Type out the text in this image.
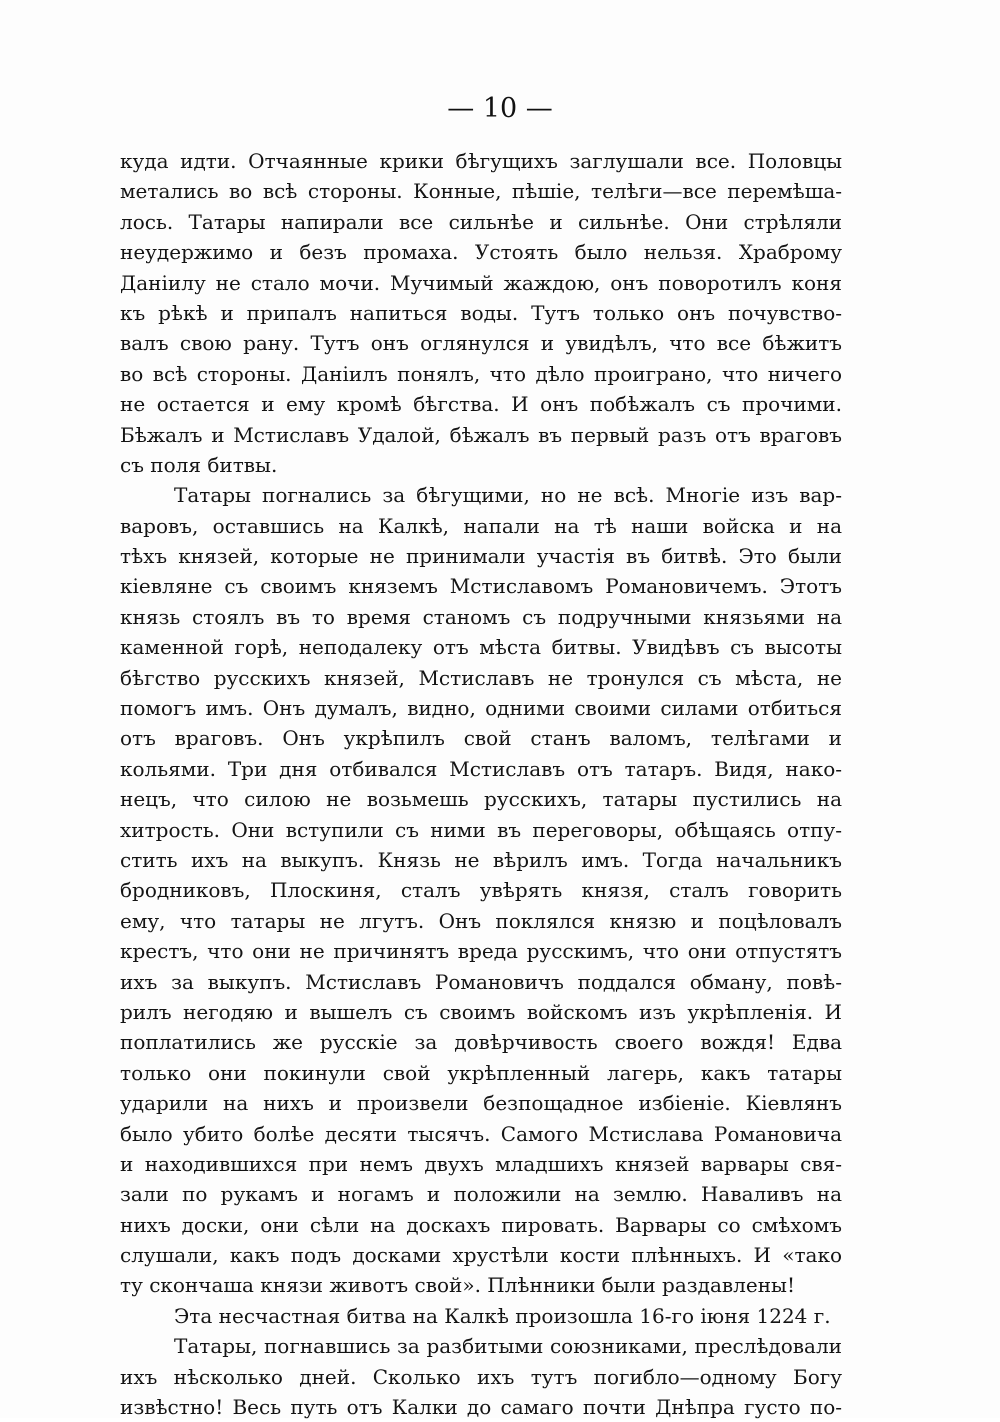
— 10 —
куда идти. Отчаянные крики бѣгущихъ заглушали все. Половцы
метались во всѣ стороны. Конные, пѣшіе, телѣги—все перемѣша-
лось. Татары напирали все сильнѣе и сильнѣе. Они стрѣляли
неудержимо и безъ промаха. Устоять было нельзя. Храброму
Даніилу не стало мочи. Мучимый жаждою, онъ поворотилъ коня
къ рѣкѣ и припалъ напиться воды. Тутъ только онъ почувство-
валъ свою рану. Тутъ онъ оглянулся и увидѣлъ, что все бѣжитъ
во всѣ стороны. Даніилъ понялъ, что дѣло проиграно, что ничего
не остается и ему кромѣ бѣгства. И онъ побѣжалъ съ прочими.
Бѣжалъ и Мстиславъ Удалой, бѣжалъ въ первый разъ отъ враговъ
съ поля битвы.
Татары погнались за бѣгущими, но не всѣ. Многіе изъ вар-
варовъ, оставшись на Калкѣ, напали на тѣ наши войска и на
тѣхъ князей, которые не принимали участія въ битвѣ. Это были
кіевляне съ своимъ княземъ Мстиславомъ Романовичемъ. Этотъ
князь стоялъ въ то время станомъ съ подручными князьями на
каменной горѣ, неподалеку отъ мѣста битвы. Увидѣвъ съ высоты
бѣгство русскихъ князей, Мстиславъ не тронулся съ мѣста, не
помогъ имъ. Онъ думалъ, видно, одними своими силами отбиться
отъ враговъ. Онъ укрѣпилъ свой станъ валомъ, телѣгами и
кольями. Три дня отбивался Мстиславъ отъ татаръ. Видя, нако-
нецъ, что силою не возьмешь русскихъ, татары пустились на
хитрость. Они вступили съ ними въ переговоры, обѣщаясь отпу-
стить ихъ на выкупъ. Князь не вѣрилъ имъ. Тогда начальникъ
бродниковъ, Плоскиня, сталъ увѣрять князя, сталъ говорить
ему, что татары не лгутъ. Онъ поклялся князю и поцѣловалъ
крестъ, что они не причинятъ вреда русскимъ, что они отпустятъ
ихъ за выкупъ. Мстиславъ Романовичъ поддался обману, повѣ-
рилъ негодяю и вышелъ съ своимъ войскомъ изъ укрѣпленія. И
поплатились же русскіе за довѣрчивость своего вождя! Едва
только они покинули свой укрѣпленный лагерь, какъ татары
ударили на нихъ и произвели безпощадное избіеніе. Кіевлянъ
было убито болѣе десяти тысячъ. Самого Мстислава Романовича
и находившихся при немъ двухъ младшихъ князей варвары свя-
зали по рукамъ и ногамъ и положили на землю. Наваливъ на
нихъ доски, они сѣли на доскахъ пировать. Варвары со смѣхомъ
слушали, какъ подъ досками хрустѣли кости плѣнныхъ. И «тако
ту скончаша князи животъ свой». Плѣнники были раздавлены!
Эта несчастная битва на Калкѣ произошла 16-го іюня 1224 г.
Татары, погнавшись за разбитыми союзниками, преслѣдовали
ихъ нѣсколько дней. Сколько ихъ тутъ погибло—одному Богу
извѣстно! Весь путь отъ Калки до самаго почти Днѣпра густо по-
